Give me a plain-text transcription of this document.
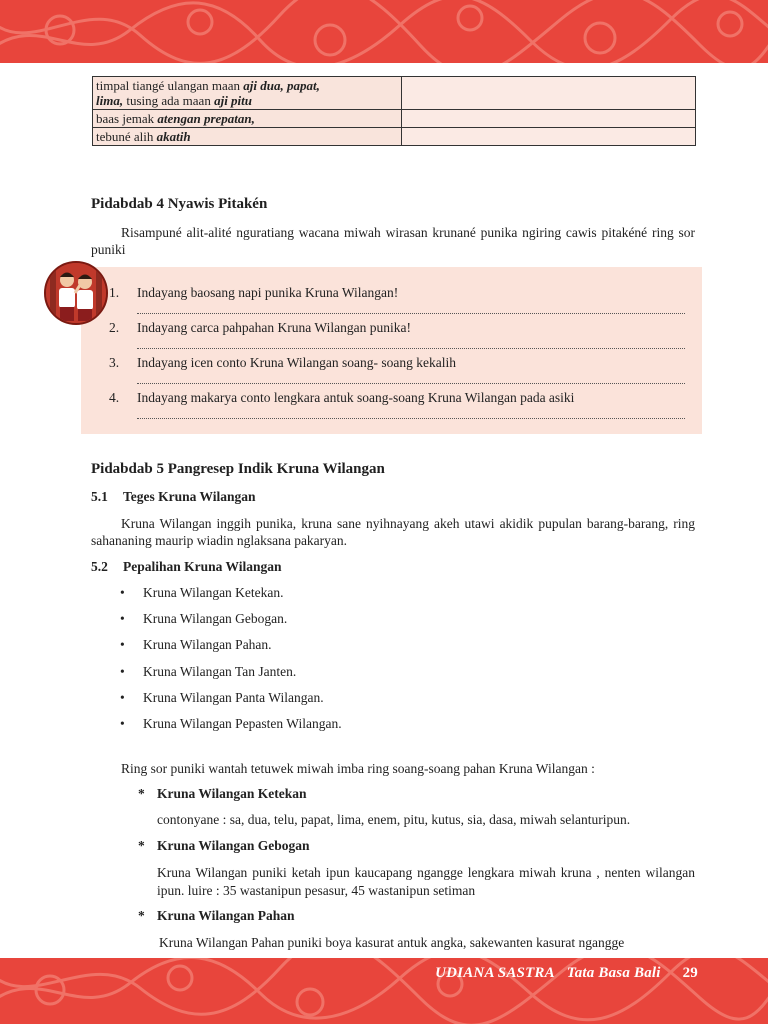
timpal tiangé ulangan maan aji dua, papat,
lima, tusing ada maan aji pitu	
baas jemak atengan prepatan,	
tebuné alih akatih	
Pidabdab 4 Nyawis Pitakén
Risampuné alit-alité nguratiang wacana miwah wirasan krunané punika ngiring cawis pitakéné ring sor puniki
1. Indayang baosang napi punika Kruna Wilangan!
2. Indayang carca pahpahan Kruna Wilangan punika!
3. Indayang icen conto Kruna Wilangan soang- soang kekalih
4. Indayang makarya conto lengkara antuk soang-soang Kruna Wilangan pada asiki
Pidabdab 5 Pangresep Indik Kruna Wilangan
5.1 Teges Kruna Wilangan
Kruna Wilangan inggih punika, kruna sane nyihnayang akeh utawi akidik pupulan barang-barang, ring sahananing maurip wiadin nglaksana pakaryan.
5.2 Pepalihan Kruna Wilangan
• Kruna Wilangan Ketekan.
• Kruna Wilangan Gebogan.
• Kruna Wilangan Pahan.
• Kruna Wilangan Tan Janten.
• Kruna Wilangan Panta Wilangan.
• Kruna Wilangan Pepasten Wilangan.
Ring sor puniki wantah tetuwek miwah imba ring soang-soang pahan Kruna Wilangan :
* Kruna Wilangan Ketekan
contonyane : sa, dua, telu, papat, lima, enem, pitu, kutus, sia, dasa, miwah selanturipun.
* Kruna Wilangan Gebogan
Kruna Wilangan puniki ketah ipun kaucapang ngangge lengkara miwah kruna , nenten wilangan ipun. luire : 35 wastanipun pesasur, 45 wastanipun setiman
* Kruna Wilangan Pahan
Kruna Wilangan Pahan puniki boya kasurat antuk angka, sakewanten kasurat ngangge
UDIANA SASTRA Tata Basa Bali 29
